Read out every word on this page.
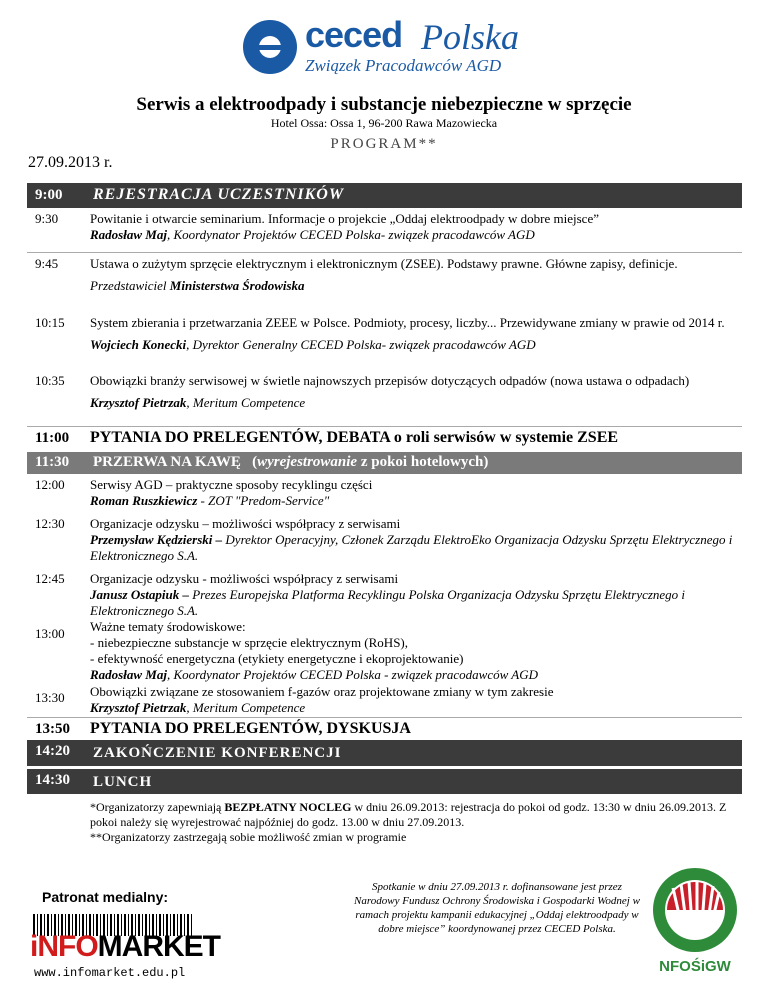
ceced Polska
Związek Pracodawców AGD
Serwis a elektroodpady i substancje niebezpieczne w sprzęcie
Hotel Ossa: Ossa 1, 96-200 Rawa Mazowiecka
PROGRAM**
27.09.2013 r.
9:00 REJESTRACJA UCZESTNIKÓW
9:30 Powitanie i otwarcie seminarium. Informacje o projekcie „Oddaj elektroodpady w dobre miejsce”
Radosław Maj, Koordynator Projektów CECED Polska- związek pracodawców AGD
9:45 Ustawa o zużytym sprzęcie elektrycznym i elektronicznym (ZSEE). Podstawy prawne. Główne zapisy, definicje.
Przedstawiciel Ministerstwa Środowiska
10:15 System zbierania i przetwarzania ZEEE w Polsce. Podmioty, procesy, liczby... Przewidywane zmiany w prawie od 2014 r.
Wojciech Konecki, Dyrektor Generalny CECED Polska- związek pracodawców AGD
10:35 Obowiązki branży serwisowej w świetle najnowszych przepisów dotyczących odpadów (nowa ustawa o odpadach)
Krzysztof Pietrzak, Meritum Competence
11:00 PYTANIA DO PRELEGENTÓW, DEBATA o roli serwisów w systemie ZSEE
11:30 PRZERWA NA KAWĘ (wyrejestrowanie z pokoi hotelowych)
12:00 Serwisy AGD – praktyczne sposoby recyklingu części
Roman Ruszkiewicz - ZOT "Predom-Service"
12:30 Organizacje odzysku – możliwości współpracy z serwisami
Przemysław Kędzierski – Dyrektor Operacyjny, Członek Zarządu ElektroEko Organizacja Odzysku Sprzętu Elektrycznego i Elektronicznego S.A.
12:45 Organizacje odzysku - możliwości współpracy z serwisami
Janusz Ostapiuk – Prezes Europejska Platforma Recyklingu Polska Organizacja Odzysku Sprzętu Elektrycznego i Elektronicznego S.A.
13:00 Ważne tematy środowiskowe:
- niebezpieczne substancje w sprzęcie elektrycznym (RoHS),
- efektywność energetyczna (etykiety energetyczne i ekoprojektowanie)
Radosław Maj, Koordynator Projektów CECED Polska - związek pracodawców AGD
13:30 Obowiązki związane ze stosowaniem f-gazów oraz projektowane zmiany w tym zakresie
Krzysztof Pietrzak, Meritum Competence
13:50 PYTANIA DO PRELEGENTÓW, DYSKUSJA
14:20 ZAKOŃCZENIE KONFERENCJI
14:30 LUNCH
*Organizatorzy zapewniają BEZPŁATNY NOCLEG w dniu 26.09.2013: rejestracja do pokoi od godz. 13:30 w dniu 26.09.2013. Z pokoi należy się wyrejestrować najpóźniej do godz. 13.00 w dniu 27.09.2013.
**Organizatorzy zastrzegają sobie możliwość zmian w programie
Patronat medialny:
iNFOMARKET
www.infomarket.edu.pl
Spotkanie w dniu 27.09.2013 r. dofinansowane jest przez Narodowy Fundusz Ochrony Środowiska i Gospodarki Wodnej w ramach projektu kampanii edukacyjnej „Oddaj elektroodpady w dobre miejsce” koordynowanej przez CECED Polska.
NFOŚiGW
